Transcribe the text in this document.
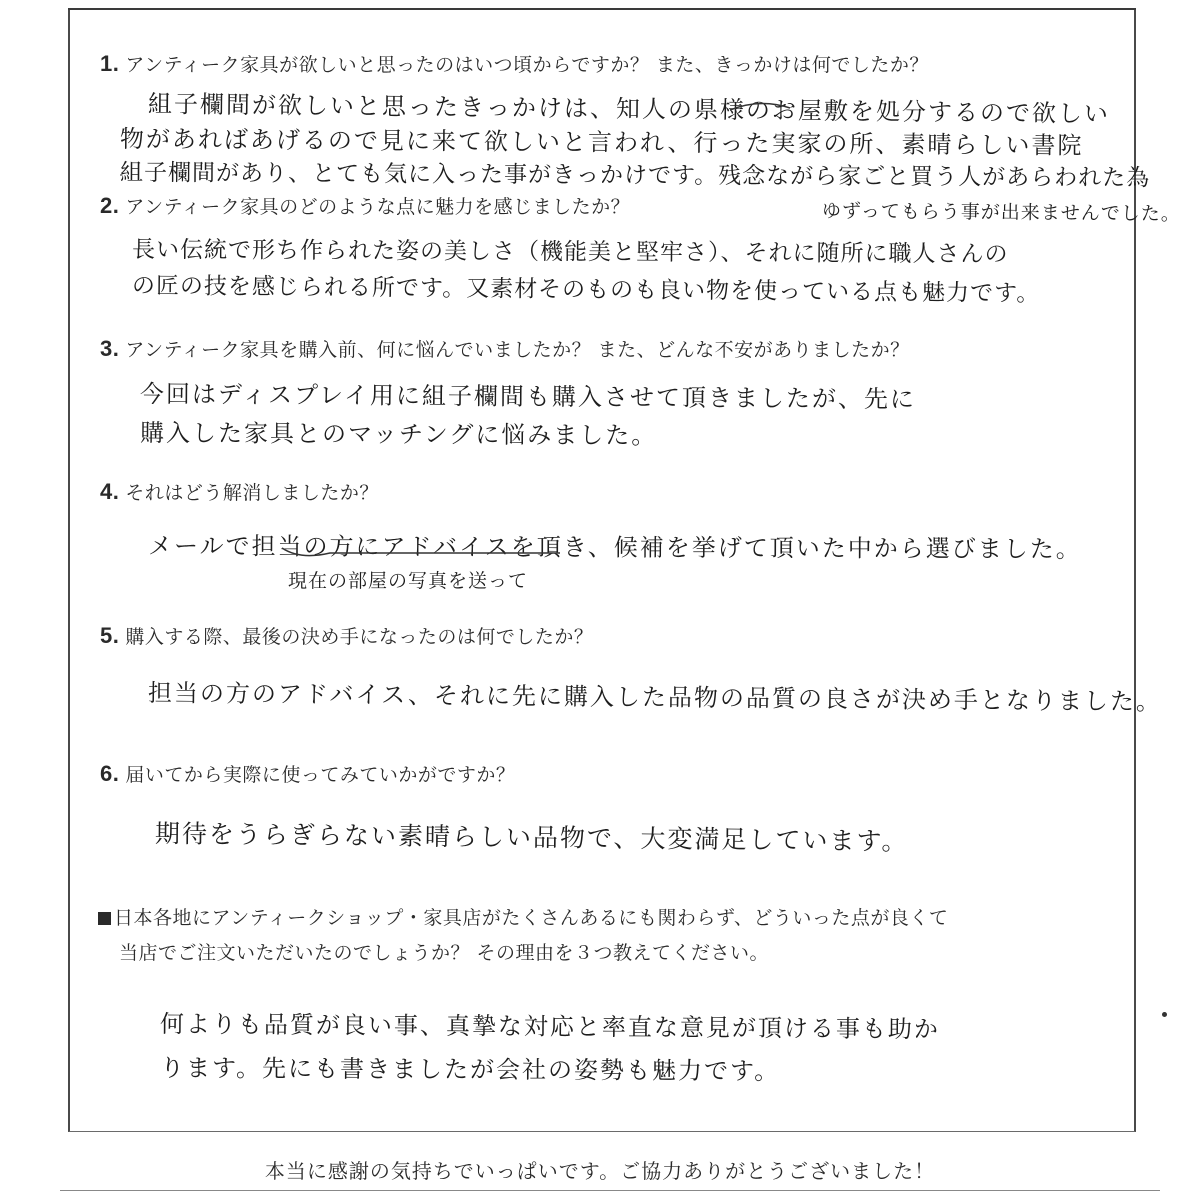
1. アンティーク家具が欲しいと思ったのはいつ頃からですか？ また、きっかけは何でしたか？
組子欄間が欲しいと思ったきっかけは、知人の県様のお屋敷を処分するので欲しい
物があればあげるので見に来て欲しいと言われ、行った実家の所、素晴らしい書院
組子欄間があり、とても気に入った事がきっかけです。残念ながら家ごと買う人があらわれた為
ゆずってもらう事が出来ませんでした。
2. アンティーク家具のどのような点に魅力を感じましたか？
長い伝統で形ち作られた姿の美しさ（機能美と堅牢さ）、それに随所に職人さんの
の匠の技を感じられる所です。又素材そのものも良い物を使っている点も魅力です。
3. アンティーク家具を購入前、何に悩んでいましたか？ また、どんな不安がありましたか？
今回はディスプレイ用に組子欄間も購入させて頂きましたが、先に
購入した家具とのマッチングに悩みました。
4. それはどう解消しましたか？
メールで担当の方にアドバイスを頂き、候補を挙げて頂いた中から選びました。
現在の部屋の写真を送って
5. 購入する際、最後の決め手になったのは何でしたか？
担当の方のアドバイス、それに先に購入した品物の品質の良さが決め手となりました。
6. 届いてから実際に使ってみていかがですか？
期待をうらぎらない素晴らしい品物で、大変満足しています。
日本各地にアンティークショップ・家具店がたくさんあるにも関わらず、どういった点が良くて
当店でご注文いただいたのでしょうか？ その理由を３つ教えてください。
何よりも品質が良い事、真摯な対応と率直な意見が頂ける事も助か
ります。先にも書きましたが会社の姿勢も魅力です。
本当に感謝の気持ちでいっぱいです。ご協力ありがとうございました！
